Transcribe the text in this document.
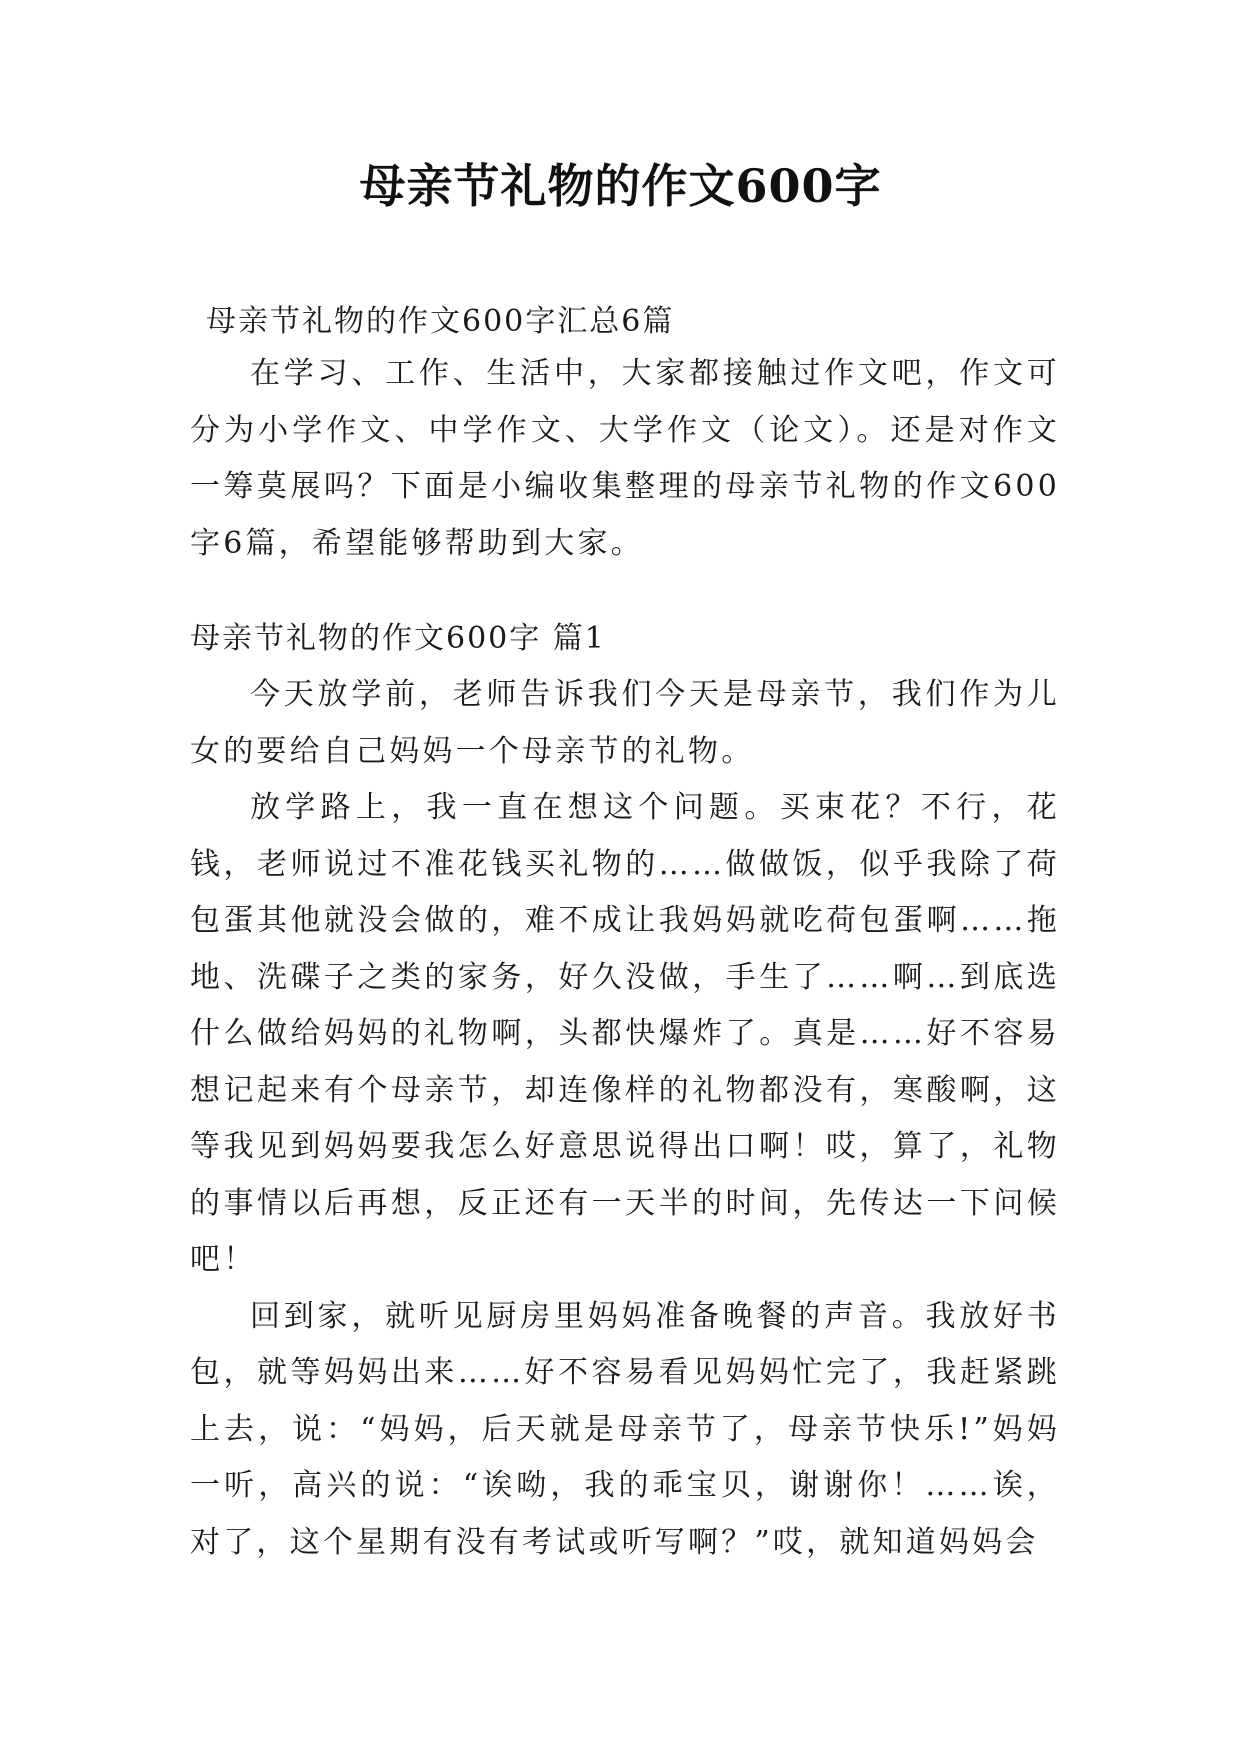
母亲节礼物的作文600字
母亲节礼物的作文600字汇总6篇

在学习、工作、生活中，大家都接触过作文吧，作文可分为小学作文、中学作文、大学作文（论文）。还是对作文一筹莫展吗？下面是小编收集整理的母亲节礼物的作文600字6篇，希望能够帮助到大家。

母亲节礼物的作文600字 篇1

今天放学前，老师告诉我们今天是母亲节，我们作为儿女的要给自己妈妈一个母亲节的礼物。

放学路上，我一直在想这个问题。买束花？不行，花钱，老师说过不准花钱买礼物的……做做饭，似乎我除了荷包蛋其他就没会做的，难不成让我妈妈就吃荷包蛋啊……拖地、洗碟子之类的家务，好久没做，手生了……啊…到底选什么做给妈妈的礼物啊，头都快爆炸了。真是……好不容易想记起来有个母亲节，却连像样的礼物都没有，寒酸啊，这等我见到妈妈要我怎么好意思说得出口啊！哎，算了，礼物的事情以后再想，反正还有一天半的时间，先传达一下问候吧！

回到家，就听见厨房里妈妈准备晚餐的声音。我放好书包，就等妈妈出来……好不容易看见妈妈忙完了，我赶紧跳上去，说：“妈妈，后天就是母亲节了，母亲节快乐!”妈妈一听，高兴的说：“诶呦，我的乖宝贝，谢谢你！……诶，对了，这个星期有没有考试或听写啊？”哎，就知道妈妈会
